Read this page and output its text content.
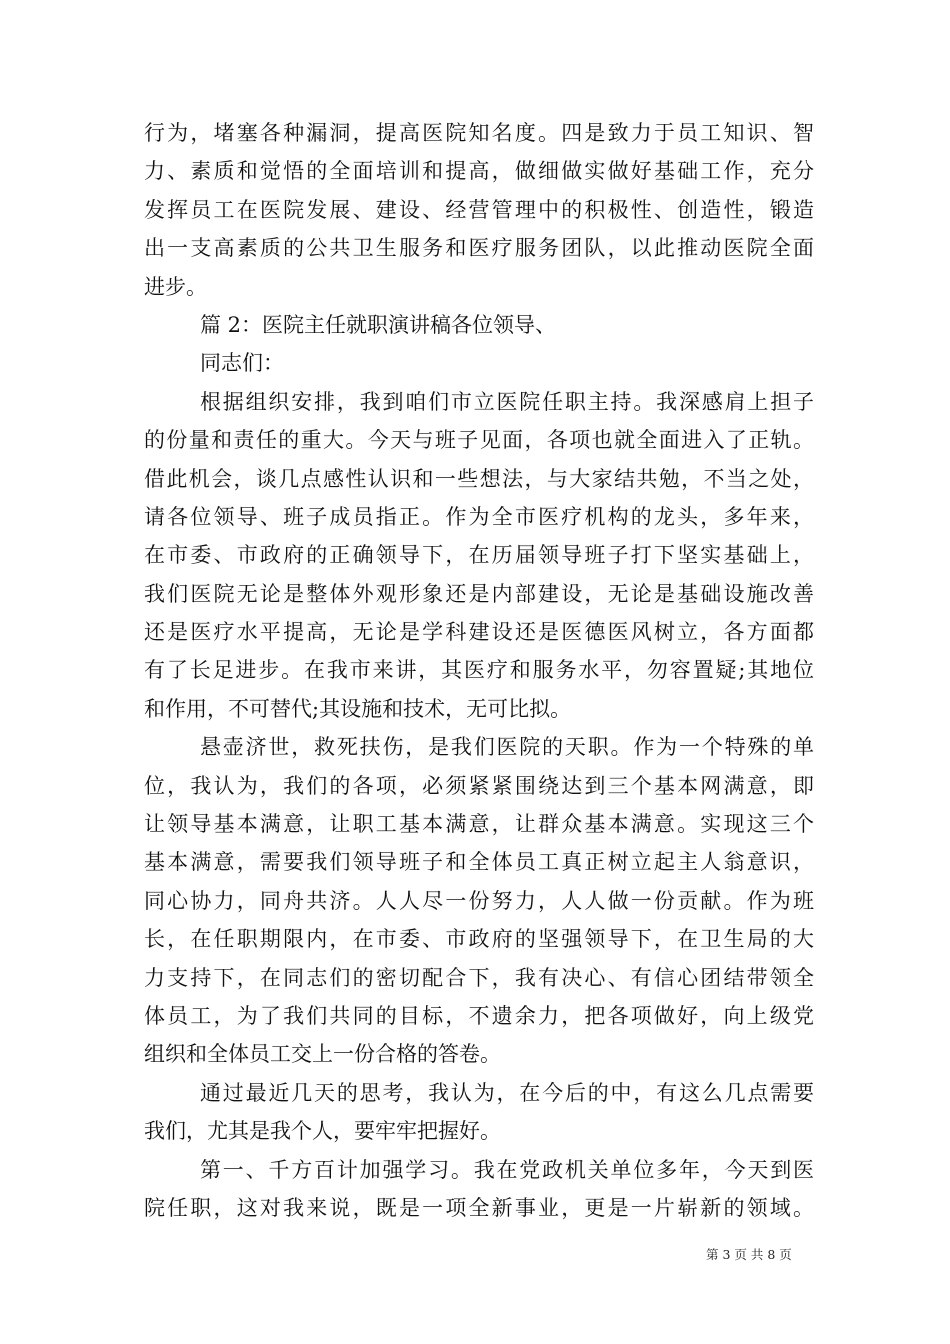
行为，堵塞各种漏洞，提高医院知名度。四是致力于员工知识、智
力、素质和觉悟的全面培训和提高，做细做实做好基础工作，充分
发挥员工在医院发展、建设、经营管理中的积极性、创造性，锻造
出一支高素质的公共卫生服务和医疗服务团队，以此推动医院全面
进步。
篇 2：医院主任就职演讲稿各位领导、
同志们：
根据组织安排，我到咱们市立医院任职主持。我深感肩上担子
的份量和责任的重大。今天与班子见面，各项也就全面进入了正轨。
借此机会，谈几点感性认识和一些想法，与大家结共勉，不当之处，
请各位领导、班子成员指正。作为全市医疗机构的龙头，多年来，
在市委、市政府的正确领导下，在历届领导班子打下坚实基础上，
我们医院无论是整体外观形象还是内部建设，无论是基础设施改善
还是医疗水平提高，无论是学科建设还是医德医风树立，各方面都
有了长足进步。在我市来讲，其医疗和服务水平，勿容置疑;其地位
和作用，不可替代;其设施和技术，无可比拟。
悬壶济世，救死扶伤，是我们医院的天职。作为一个特殊的单
位，我认为，我们的各项，必须紧紧围绕达到三个基本网满意，即
让领导基本满意，让职工基本满意，让群众基本满意。实现这三个
基本满意，需要我们领导班子和全体员工真正树立起主人翁意识，
同心协力，同舟共济。人人尽一份努力，人人做一份贡献。作为班
长，在任职期限内，在市委、市政府的坚强领导下，在卫生局的大
力支持下，在同志们的密切配合下，我有决心、有信心团结带领全
体员工，为了我们共同的目标，不遗余力，把各项做好，向上级党
组织和全体员工交上一份合格的答卷。
通过最近几天的思考，我认为，在今后的中，有这么几点需要
我们，尤其是我个人，要牢牢把握好。
第一、千方百计加强学习。我在党政机关单位多年，今天到医
院任职，这对我来说，既是一项全新事业，更是一片崭新的领域。
第 3 页 共 8 页
